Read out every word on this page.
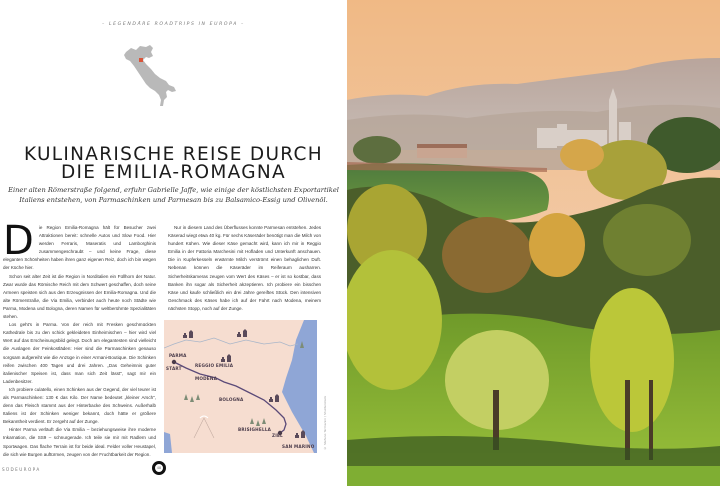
– LEGENDÄRE ROADTRIPS IN EUROPA –
KULINARISCHE REISE DURCH
DIE EMILIA-ROMAGNA
Einer alten Römerstraße folgend, erfuhr Gabrielle Jaffe, wie einige der köstlichsten Exportartikel
Italiens entstehen, von Parmaschinken und Parmesan bis zu Balsamico-Essig und Olivenöl.

D ie Region Emilia-Romagna hält für Besucher zwei Attraktionen bereit: schnelle Autos und Slow Food. Hier werden Ferraris, Maseratis und Lamborghinis zusammengeschraubt – und keine Frage, diese eleganten Schönheiten haben ihren ganz eigenen Reiz, doch ich bin wegen der Küche hier.

Schon seit alter Zeit ist die Region in Norditalien ein Füllhorn der Natur. Zwar wurde das Römische Reich mit dem Schwert geschaffen, doch seine Armeen speisten sich aus den Erzeugnissen der Emilia-Romagna. Und die alte Römerstraße, die Via Emilia, verbindet auch heute noch Städte wie Parma, Modena und Bologna, deren Namen für weltberühmte Spezialitäten stehen.

Los geht's in Parma. Von der reich mit Fresken geschmückten Kathedrale bis zu den schick gekleideten Einheimischen – hier wird viel Wert auf das Erscheinungsbild gelegt. Doch am elegantesten sind vielleicht die Auslagen der Feinkostläden: Hier sind die Parmaschinken genauso sorgsam aufgereiht wie die Anzüge in einer Armani-Boutique. Die Schinken reifen zwischen 400 Tagen und drei Jahren. „Das Geheimnis guter italienischer Speisen ist, dass man sich Zeit lässt", sagt mir ein Ladenbesitzer.

Ich probiere culatello, einen Schinken aus der Gegend, der viel teurer ist als Parmaschinken: 130 € das Kilo. Der Name bedeutet „kleiner Arsch", denn das Fleisch stammt aus der Hinterbacke des Schweins. Außerhalb Italiens ist der Schinken weniger bekannt, doch hätte er größere Bekanntheit verdient. Er zergeht auf der Zunge.

Hinter Parma verläuft die Via Emilia – beziehungsweise ihre moderne Inkarnation, die SS9 – schnurgerade. Ich teile sie mir mit Radlern und Sportwagen. Das flache Terrain ist für beide ideal. Felder voller Heustapel, die sich wie Burgen auftürmen, zeugen von der Fruchtbarkeit der Region.

Nur in diesem Land des Überflusses konnte Parmesan entstehen. Jedes Käserad wiegt etwa 40 kg. Für sechs Käseräder benötigt man die Milch von hundert Kühen. Wie dieser Käse gemacht wird, kann ich mir in Reggio Emilia in der Fattoria Marchesini mit Hofladen und Unterkunft anschauen. Die in Kupferkesseln erwärmte Milch verströmt einen behaglichen Duft. Nebenan können die Käseräder im Reiferaum ausharren. Sicherheitskameras zeugen vom Wert des Käses – er ist so kostbar, dass Banken ihn sogar als Sicherheit akzeptieren. Ich probiere ein bisschen Käse und kaufe schließlich ein drei Jahre gereiftes Stück. Den intensiven Geschmack des Käses habe ich auf der Fahrt nach Modena, meinem nächsten Stopp, noch auf der Zunge.

PARMA
START
REGGIO EMILIA
MODENA
BOLOGNA
BRISIGHELLA
ZIEL
SAN MARINO	© Stefano Termanini / Shutterstock
SÜDEUROPA	48
